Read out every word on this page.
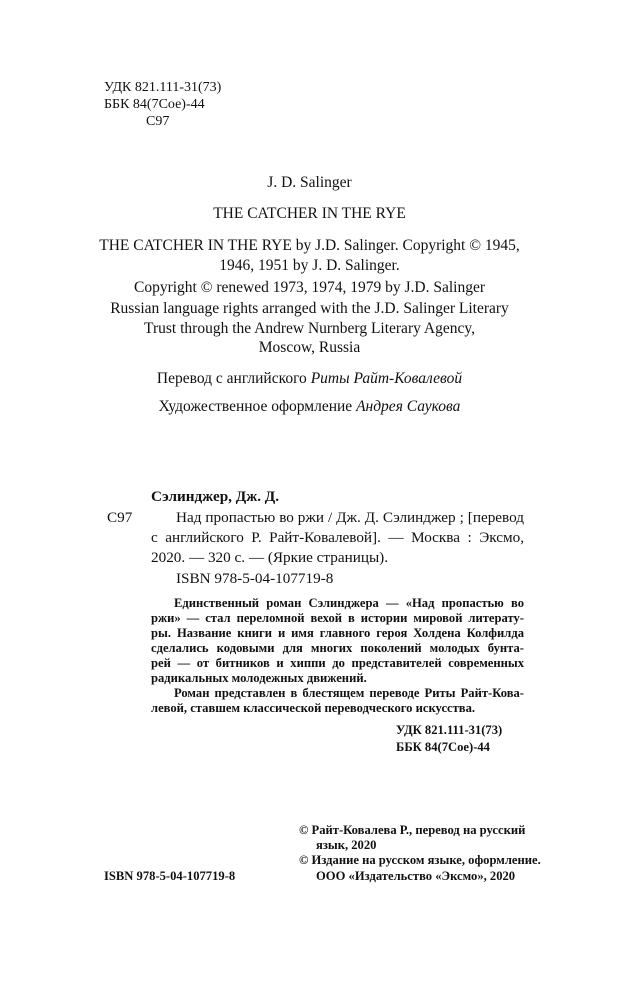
УДК 821.111-31(73)
ББК 84(7Сое)-44
С97
J. D. Salinger
THE CATCHER IN THE RYE
THE CATCHER IN THE RYE by J.D. Salinger. Copyright © 1945,
1946, 1951 by J. D. Salinger.
Copyright © renewed 1973, 1974, 1979 by J.D. Salinger
Russian language rights arranged with the J.D. Salinger Literary
Trust through the Andrew Nurnberg Literary Agency,
Moscow, Russia
Перевод с английского Риты Райт-Ковалевой
Художественное оформление Андрея Саукова
Сэлинджер, Дж. Д.
С97	Над пропастью во ржи / Дж. Д. Сэлинджер ; [перевод
с английского Р. Райт-Ковалевой]. — Москва : Эксмо,
2020. — 320 с. — (Яркие страницы).
ISBN 978-5-04-107719-8
Единственный роман Сэлинджера — «Над пропастью во
ржи» — стал переломной вехой в истории мировой литерату-
ры. Название книги и имя главного героя Холдена Колфилда
сделались кодовыми для многих поколений молодых бунта-
рей — от битников и хиппи до представителей современных
радикальных молодежных движений.
Роман представлен в блестящем переводе Риты Райт-Кова-
левой, ставшем классической переводческого искусства.
УДК 821.111-31(73)
ББК 84(7Сое)-44
© Райт-Ковалева Р., перевод на русский
язык, 2020
© Издание на русском языке, оформление.
ООО «Издательство «Эксмо», 2020
ISBN 978-5-04-107719-8
